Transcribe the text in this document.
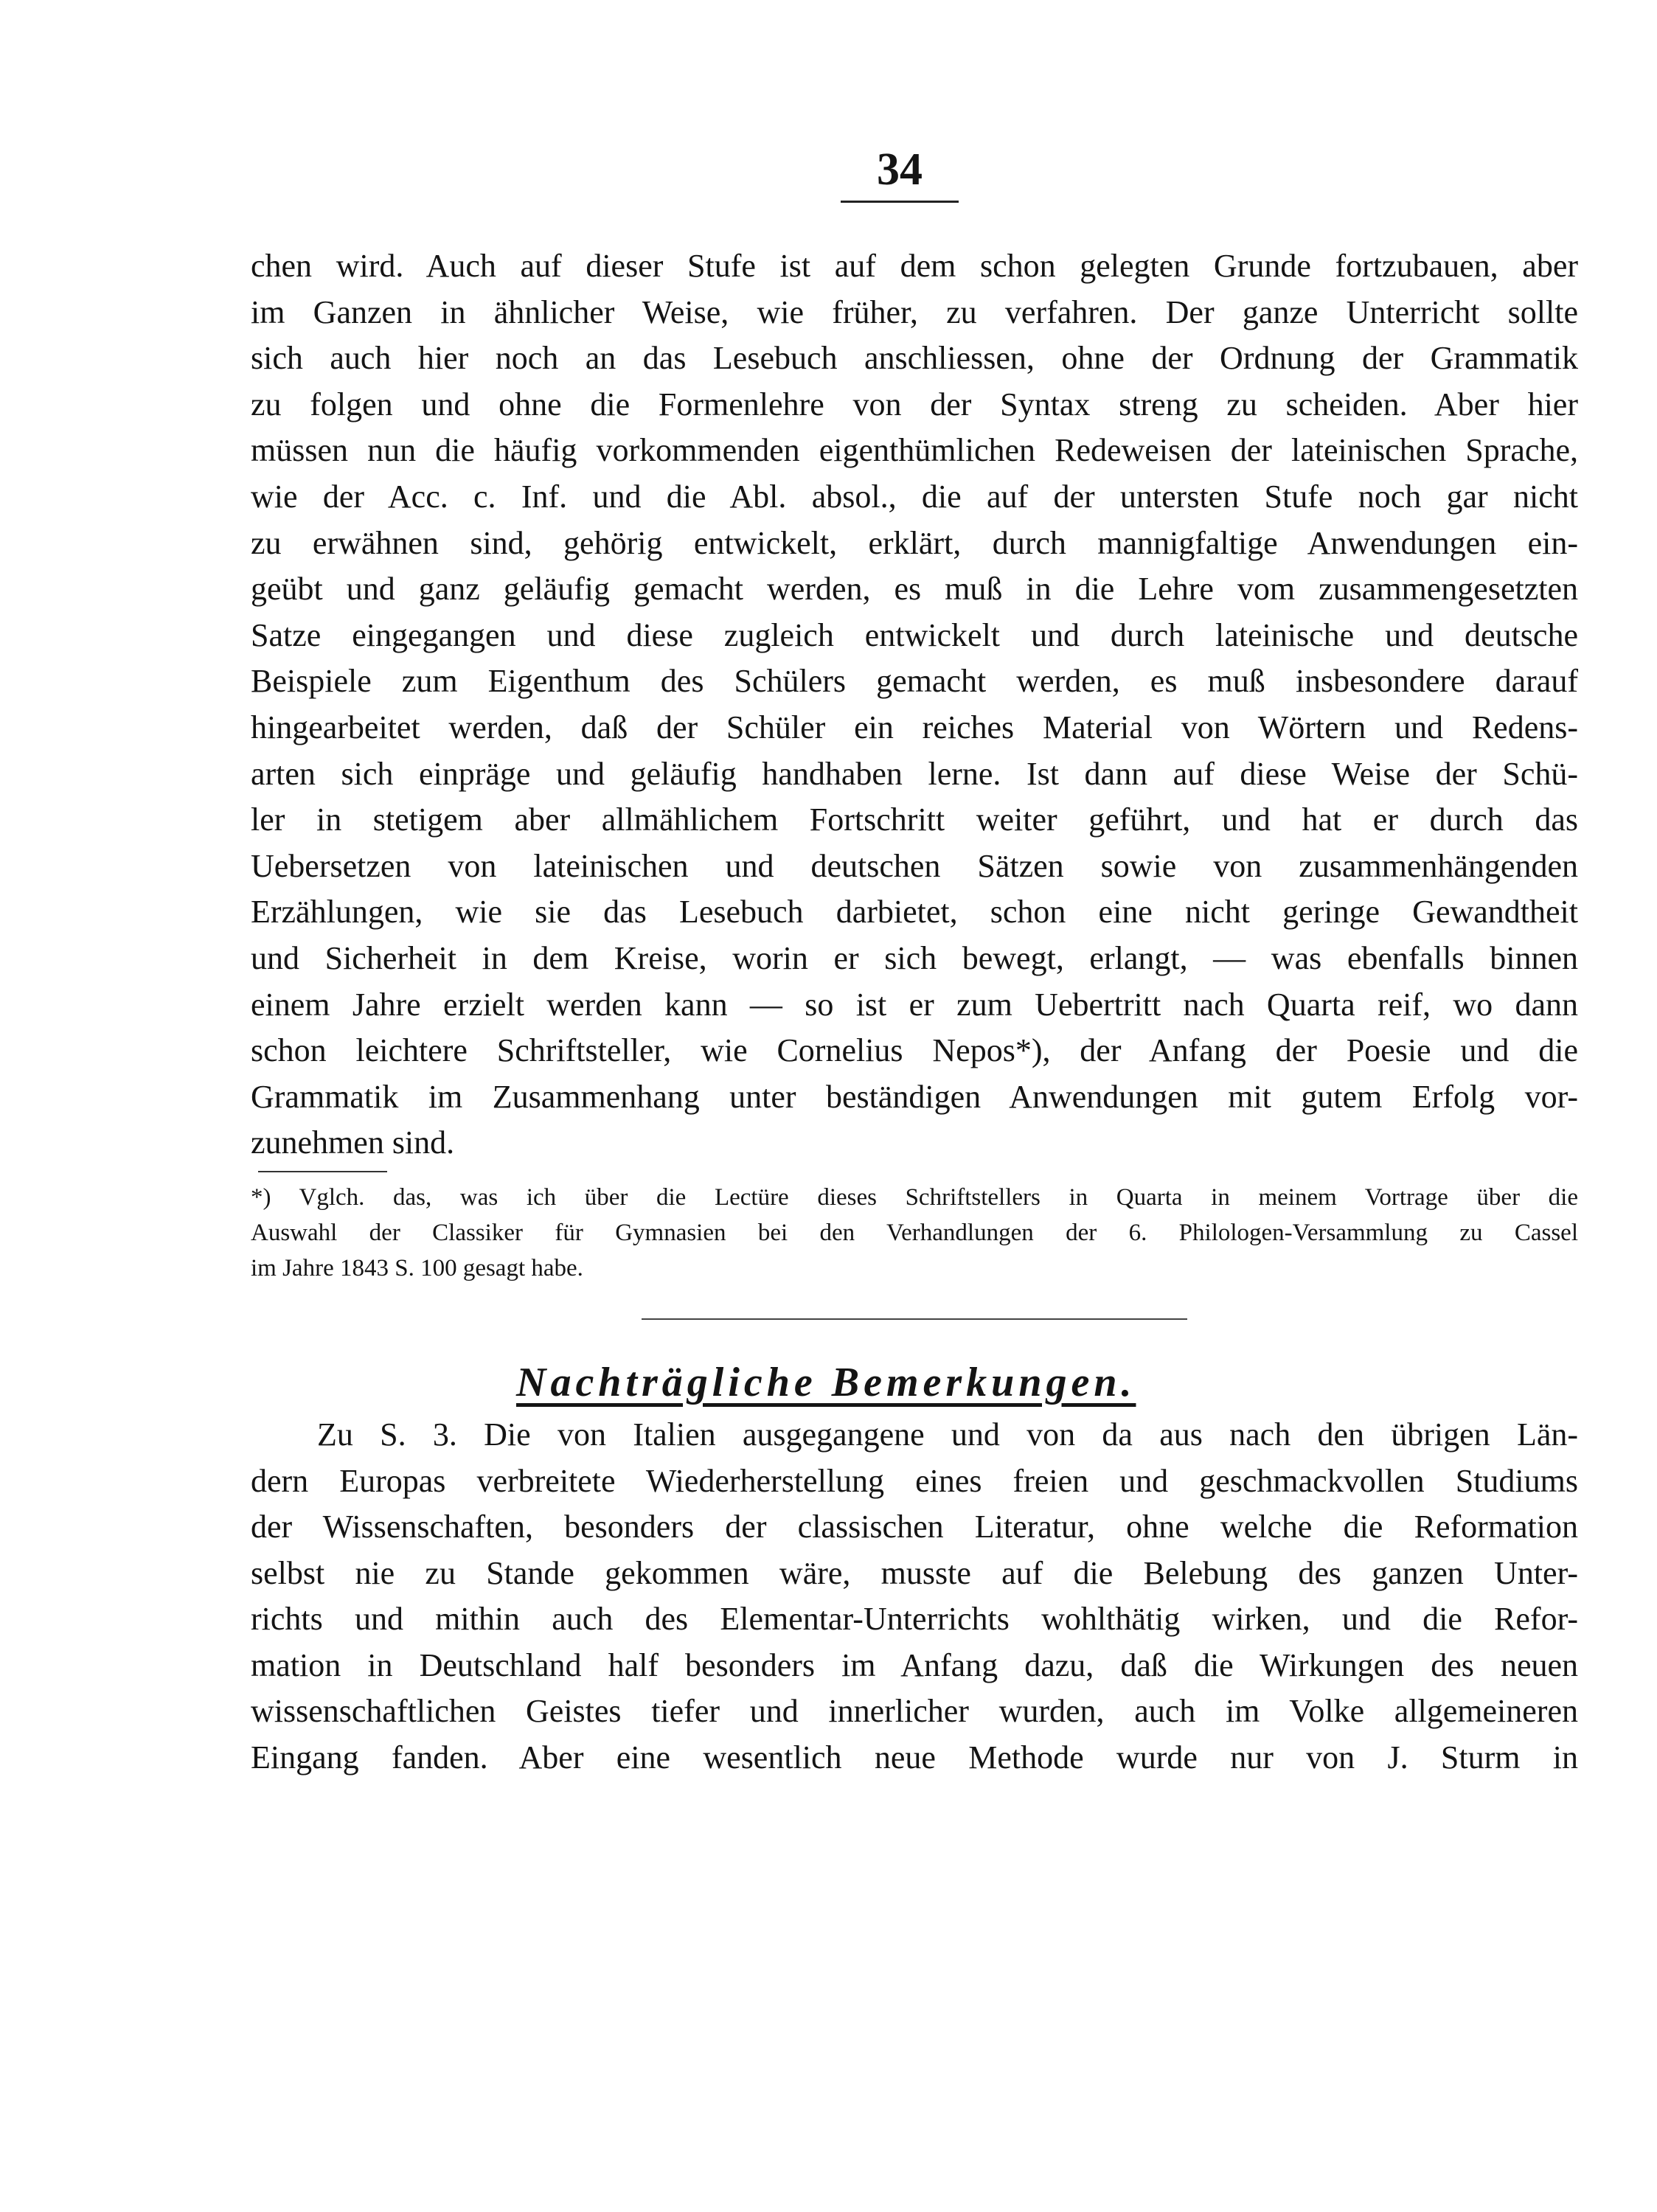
34
chen wird. Auch auf dieser Stufe ist auf dem schon gelegten Grunde fortzubauen, aber
im Ganzen in ähnlicher Weise, wie früher, zu verfahren. Der ganze Unterricht sollte
sich auch hier noch an das Lesebuch anschliessen, ohne der Ordnung der Grammatik
zu folgen und ohne die Formenlehre von der Syntax streng zu scheiden. Aber hier
müssen nun die häufig vorkommenden eigenthümlichen Redeweisen der lateinischen Sprache,
wie der Acc. c. Inf. und die Abl. absol., die auf der untersten Stufe noch gar nicht
zu erwähnen sind, gehörig entwickelt, erklärt, durch mannigfaltige Anwendungen ein-
geübt und ganz geläufig gemacht werden, es muß in die Lehre vom zusammengesetzten
Satze eingegangen und diese zugleich entwickelt und durch lateinische und deutsche
Beispiele zum Eigenthum des Schülers gemacht werden, es muß insbesondere darauf
hingearbeitet werden, daß der Schüler ein reiches Material von Wörtern und Redens-
arten sich einpräge und geläufig handhaben lerne. Ist dann auf diese Weise der Schü-
ler in stetigem aber allmählichem Fortschritt weiter geführt, und hat er durch das
Uebersetzen von lateinischen und deutschen Sätzen sowie von zusammenhängenden
Erzählungen, wie sie das Lesebuch darbietet, schon eine nicht geringe Gewandtheit
und Sicherheit in dem Kreise, worin er sich bewegt, erlangt, — was ebenfalls binnen
einem Jahre erzielt werden kann — so ist er zum Uebertritt nach Quarta reif, wo dann
schon leichtere Schriftsteller, wie Cornelius Nepos*), der Anfang der Poesie und die
Grammatik im Zusammenhang unter beständigen Anwendungen mit gutem Erfolg vor-
zunehmen sind.
*) Vglch. das, was ich über die Lectüre dieses Schriftstellers in Quarta in meinem Vortrage über die
Auswahl der Classiker für Gymnasien bei den Verhandlungen der 6. Philologen-Versammlung zu Cassel
im Jahre 1843 S. 100 gesagt habe.
Nachträgliche Bemerkungen.
Zu S. 3. Die von Italien ausgegangene und von da aus nach den übrigen Län-
dern Europas verbreitete Wiederherstellung eines freien und geschmackvollen Studiums
der Wissenschaften, besonders der classischen Literatur, ohne welche die Reformation
selbst nie zu Stande gekommen wäre, musste auf die Belebung des ganzen Unter-
richts und mithin auch des Elementar-Unterrichts wohlthätig wirken, und die Refor-
mation in Deutschland half besonders im Anfang dazu, daß die Wirkungen des neuen
wissenschaftlichen Geistes tiefer und innerlicher wurden, auch im Volke allgemeineren
Eingang fanden. Aber eine wesentlich neue Methode wurde nur von J. Sturm in
